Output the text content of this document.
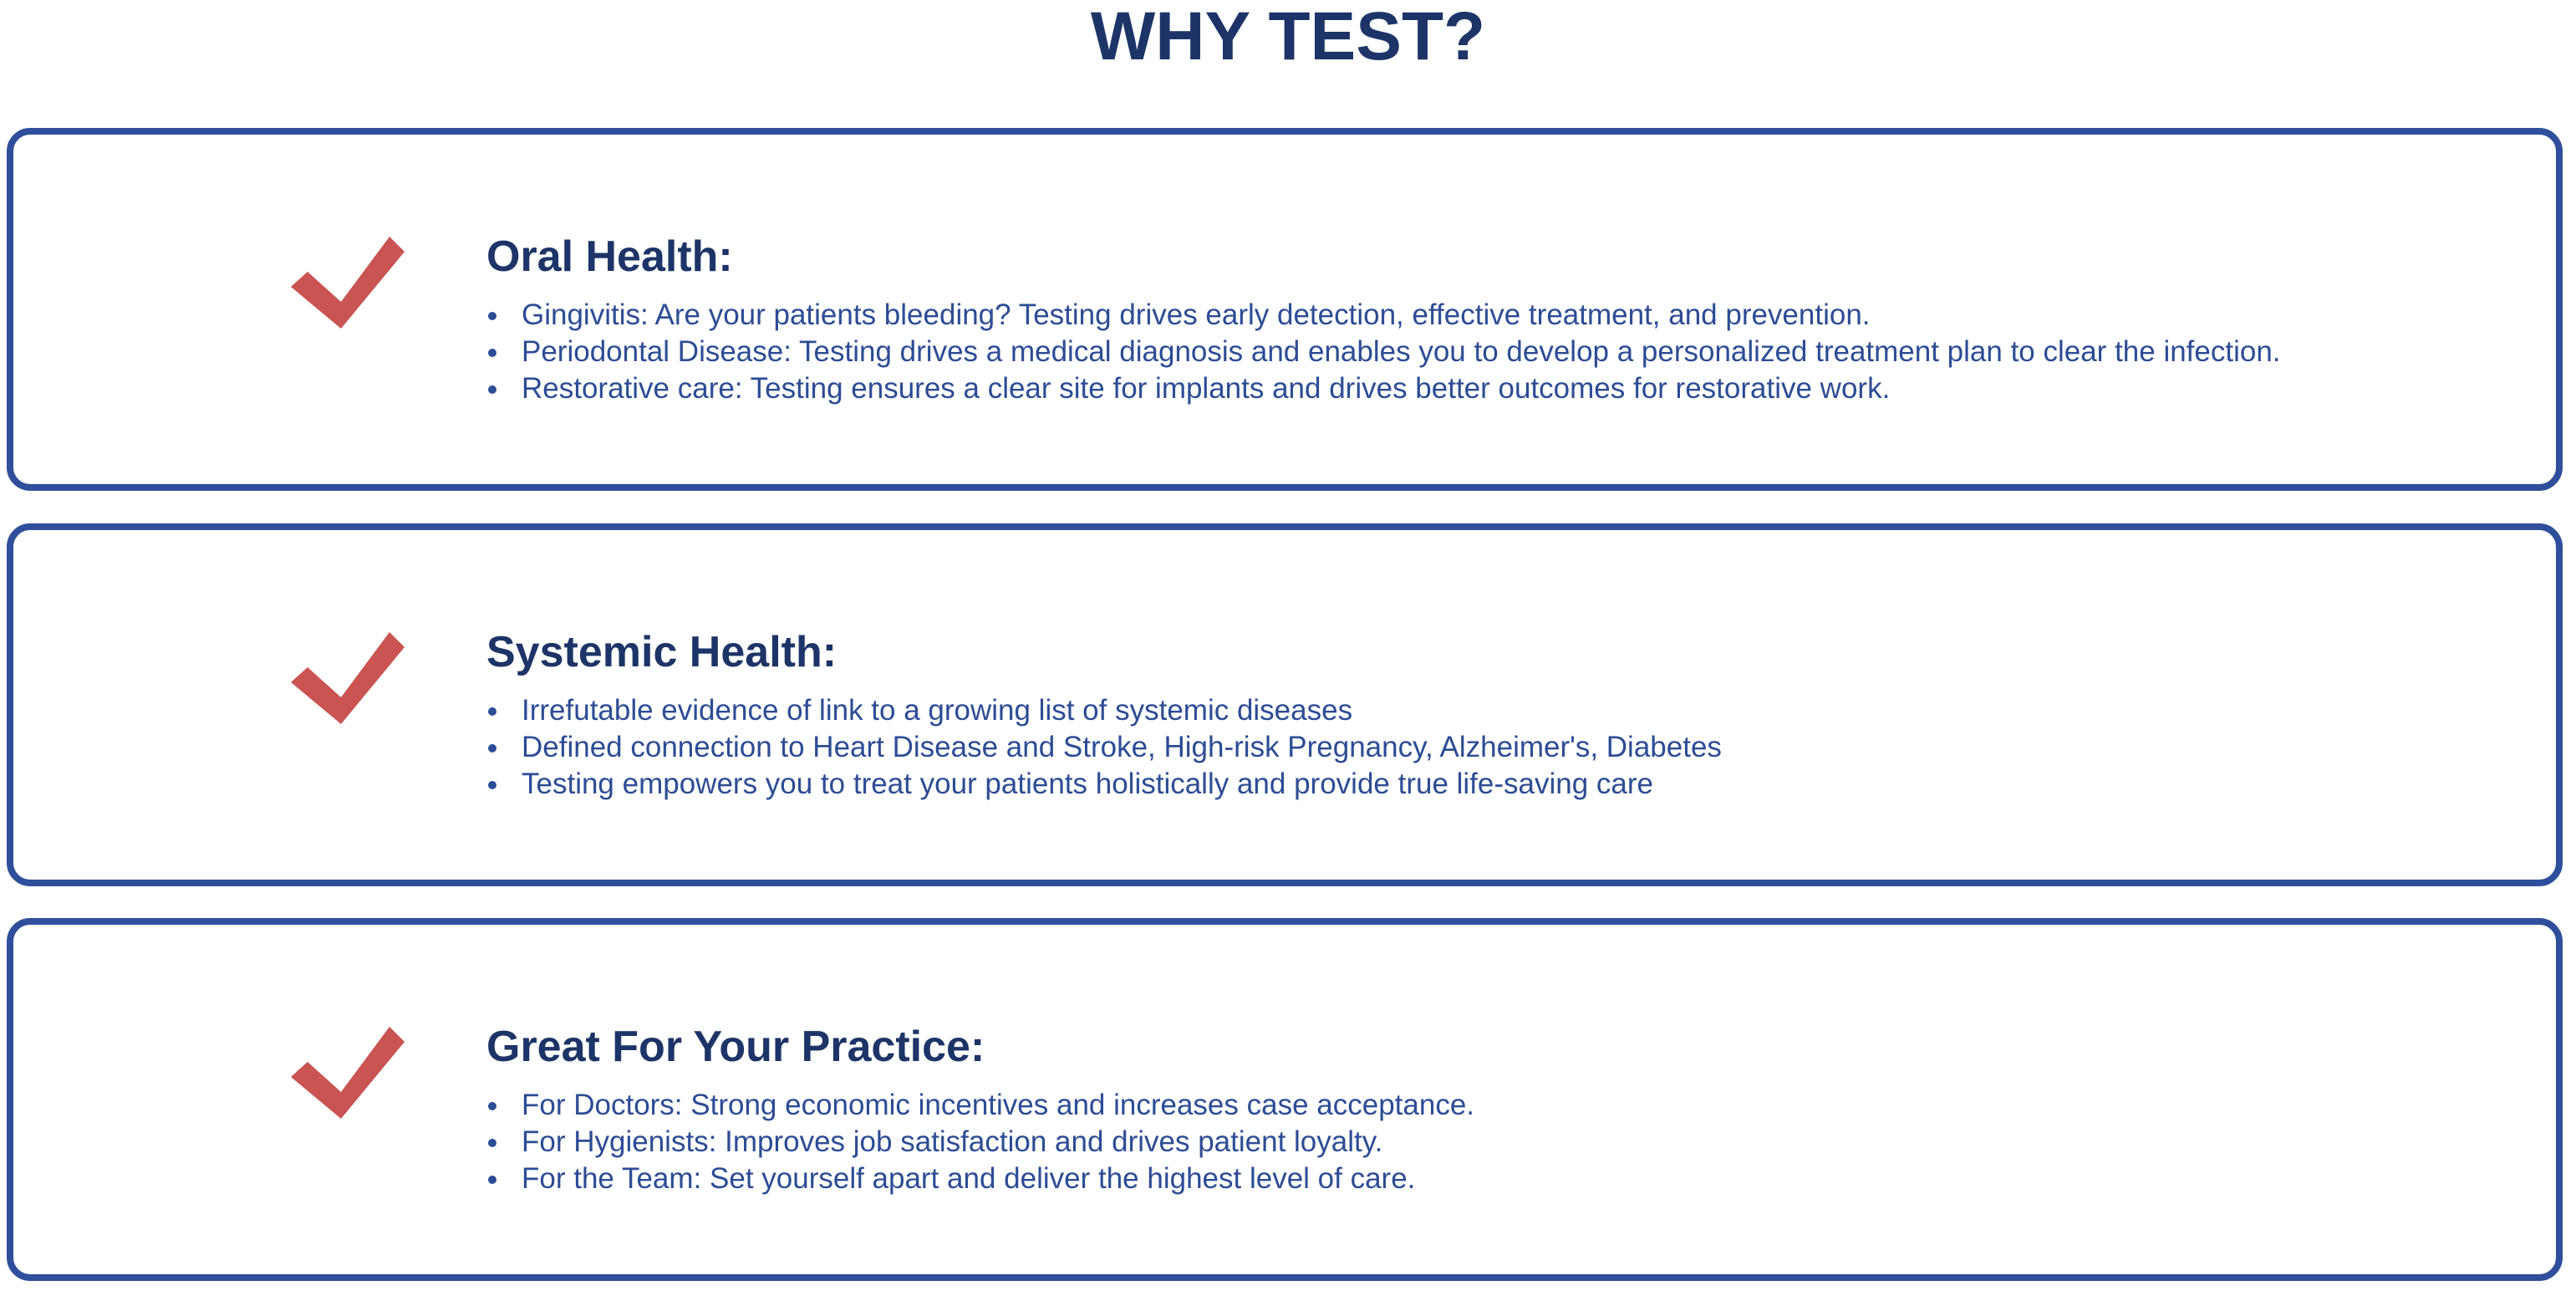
WHY TEST?
Oral Health:
Gingivitis: Are your patients bleeding? Testing drives early detection, effective treatment, and prevention.
Periodontal Disease: Testing drives a medical diagnosis and enables you to develop a personalized treatment plan to clear the infection.
Restorative care: Testing ensures a clear site for implants and drives better outcomes for restorative work.
Systemic Health:
Irrefutable evidence of link to a growing list of systemic diseases
Defined connection to Heart Disease and Stroke, High-risk Pregnancy, Alzheimer's, Diabetes
Testing empowers you to treat your patients holistically and provide true life-saving care
Great For Your Practice:
For Doctors: Strong economic incentives and increases case acceptance.
For Hygienists: Improves job satisfaction and drives patient loyalty.
For the Team: Set yourself apart and deliver the highest level of care.
